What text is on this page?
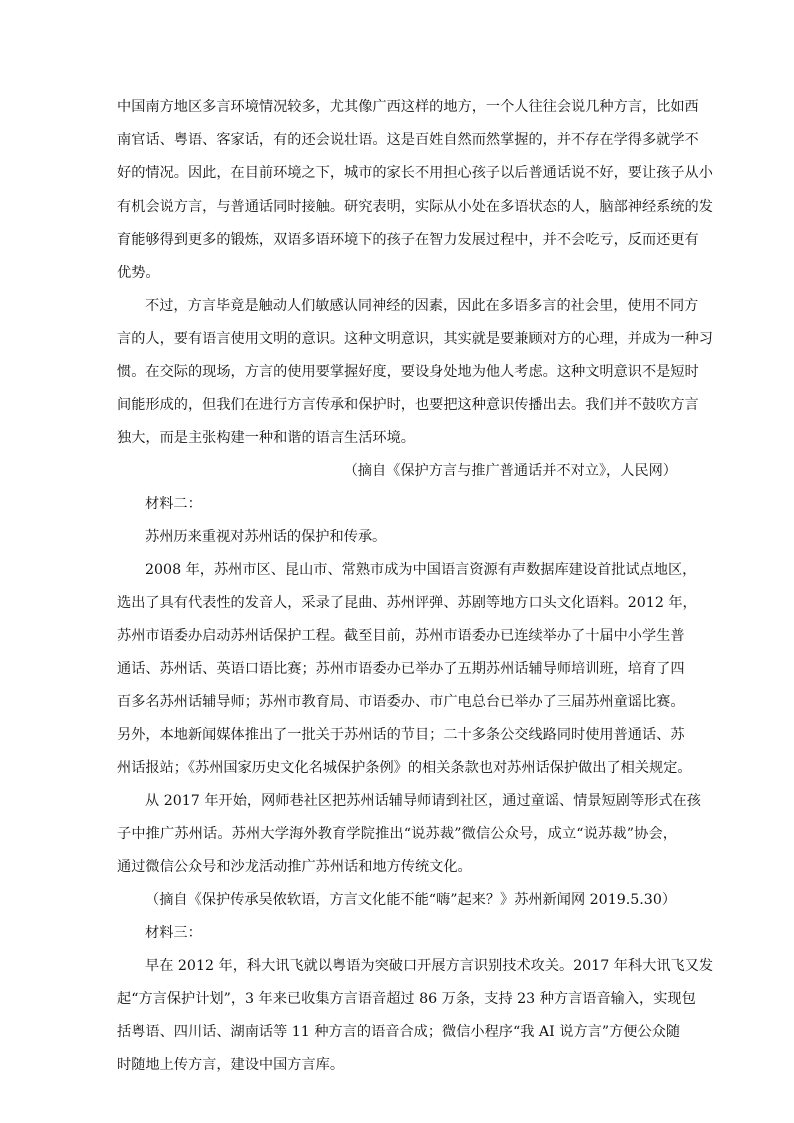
中国南方地区多言环境情况较多，尤其像广西这样的地方，一个人往往会说几种方言，比如西
南官话、粤语、客家话，有的还会说壮语。这是百姓自然而然掌握的，并不存在学得多就学不
好的情况。因此，在目前环境之下，城市的家长不用担心孩子以后普通话说不好，要让孩子从小
有机会说方言，与普通话同时接触。研究表明，实际从小处在多语状态的人，脑部神经系统的发
育能够得到更多的锻炼，双语多语环境下的孩子在智力发展过程中，并不会吃亏，反而还更有
优势。
不过，方言毕竟是触动人们敏感认同神经的因素，因此在多语多言的社会里，使用不同方
言的人，要有语言使用文明的意识。这种文明意识，其实就是要兼顾对方的心理，并成为一种习
惯。在交际的现场，方言的使用要掌握好度，要设身处地为他人考虑。这种文明意识不是短时
间能形成的，但我们在进行方言传承和保护时，也要把这种意识传播出去。我们并不鼓吹方言
独大，而是主张构建一种和谐的语言生活环境。
（摘自《保护方言与推广普通话并不对立》，人民网）
材料二：
苏州历来重视对苏州话的保护和传承。
2008 年，苏州市区、昆山市、常熟市成为中国语言资源有声数据库建设首批试点地区，
选出了具有代表性的发音人，采录了昆曲、苏州评弹、苏剧等地方口头文化语料。2012 年，
苏州市语委办启动苏州话保护工程。截至目前，苏州市语委办已连续举办了十届中小学生普
通话、苏州话、英语口语比赛；苏州市语委办已举办了五期苏州话辅导师培训班，培育了四
百多名苏州话辅导师；苏州市教育局、市语委办、市广电总台已举办了三届苏州童谣比赛。
另外，本地新闻媒体推出了一批关于苏州话的节目；二十多条公交线路同时使用普通话、苏
州话报站；《苏州国家历史文化名城保护条例》的相关条款也对苏州话保护做出了相关规定。
从 2017 年开始，网师巷社区把苏州话辅导师请到社区，通过童谣、情景短剧等形式在孩
子中推广苏州话。苏州大学海外教育学院推出“说苏裁”微信公众号，成立“说苏裁”协会，
通过微信公众号和沙龙活动推广苏州话和地方传统文化。
（摘自《保护传承吴侬软语，方言文化能不能“嗨”起来？》苏州新闻网 2019.5.30）
材料三：
早在 2012 年，科大讯飞就以粤语为突破口开展方言识别技术攻关。2017 年科大讯飞又发
起“方言保护计划”，3 年来已收集方言语音超过 86 万条，支持 23 种方言语音输入，实现包
括粤语、四川话、湖南话等 11 种方言的语音合成；微信小程序“我 AI 说方言”方便公众随
时随地上传方言，建设中国方言库。
